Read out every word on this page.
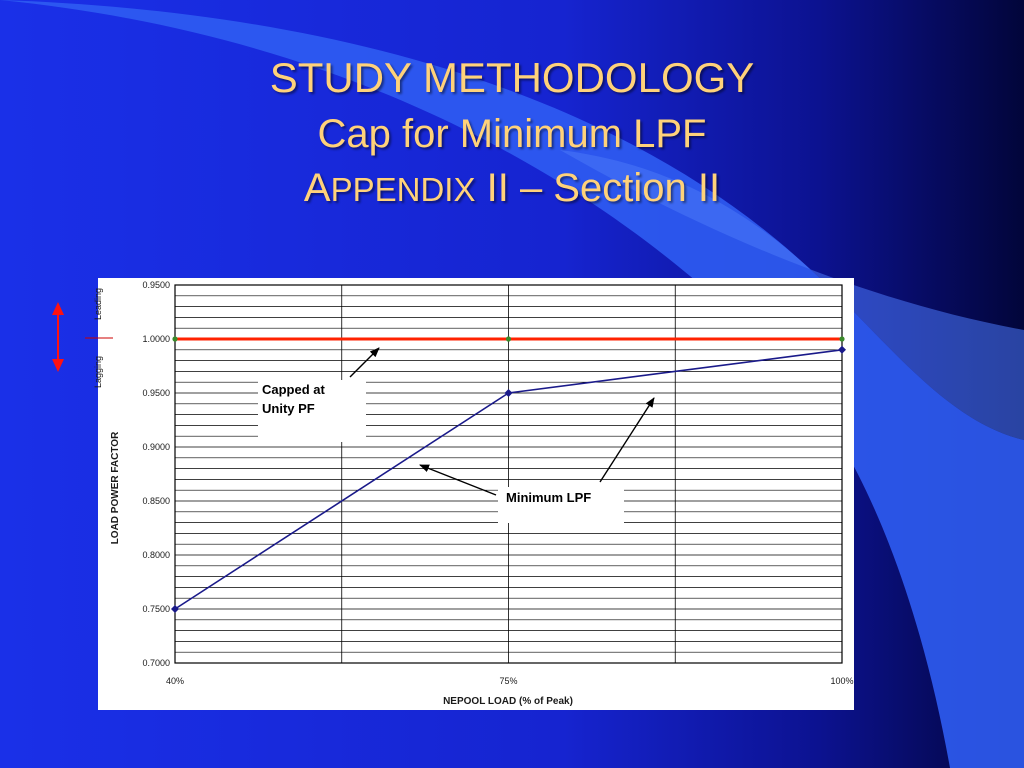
STUDY METHODOLOGY
Cap for Minimum LPF
APPENDIX II – Section II
0.7000
0.7500
0.8000
0.8500
0.9000
0.9500
1.0000
0.9500
40%	75%	100%
LOAD POWER FACTOR
NEPOOL LOAD (% of Peak)
Leading
Lagging
Capped at
Unity PF
Minimum LPF
